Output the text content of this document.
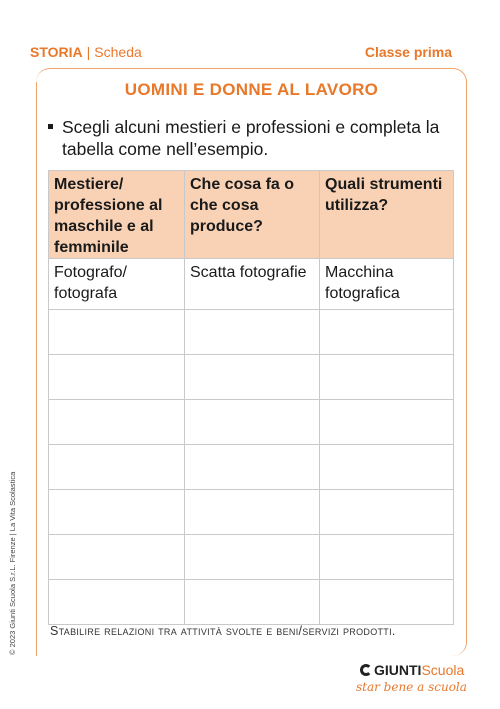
STORIA | Scheda	Classe prima
UOMINI E DONNE AL LAVORO
Scegli alcuni mestieri e professioni e completa la tabella come nell’esempio.
Mestiere/ professione al maschile e al femminile	Che cosa fa o che cosa produce?	Quali strumenti utilizza?
Fotografo/ fotografa	Scatta fotografie	Macchina fotografica

Stabilire relazioni tra attività svolte e beni/servizi prodotti.
© 2023 Giunti Scuola S.r.L. Firenze | La Vita Scolastica
GIUNTIScuola
star bene a scuola
